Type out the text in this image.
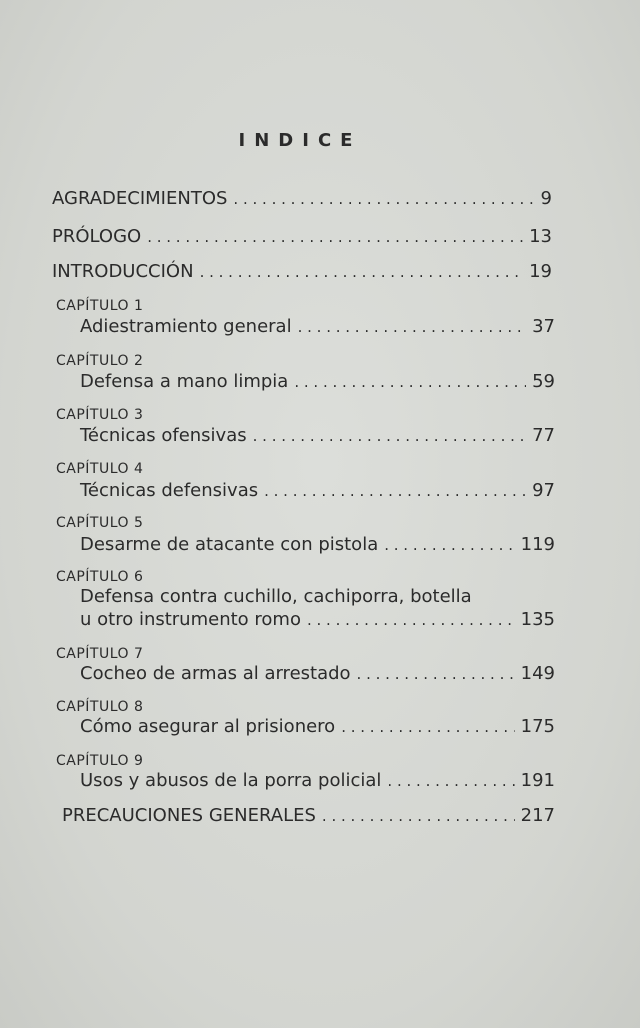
INDICE
AGRADECIMIENTOS . . .	9
PRÓLOGO . . .	13
INTRODUCCIÓN . . .	19
CAPÍTULO 1
Adiestramiento general . . .	37
CAPÍTULO 2
Defensa a mano limpia . . .	59
CAPÍTULO 3
Técnicas ofensivas . . .	77
CAPÍTULO 4
Técnicas defensivas . . .	97
CAPÍTULO 5
Desarme de atacante con pistola . . .	119
CAPÍTULO 6
Defensa contra cuchillo, cachiporra, botella
u otro instrumento romo . . .	135
CAPÍTULO 7
Cocheo de armas al arrestado . . .	149
CAPÍTULO 8
Cómo asegurar al prisionero . . .	175
CAPÍTULO 9
Usos y abusos de la porra policial . . .	191
PRECAUCIONES GENERALES . . .	217
